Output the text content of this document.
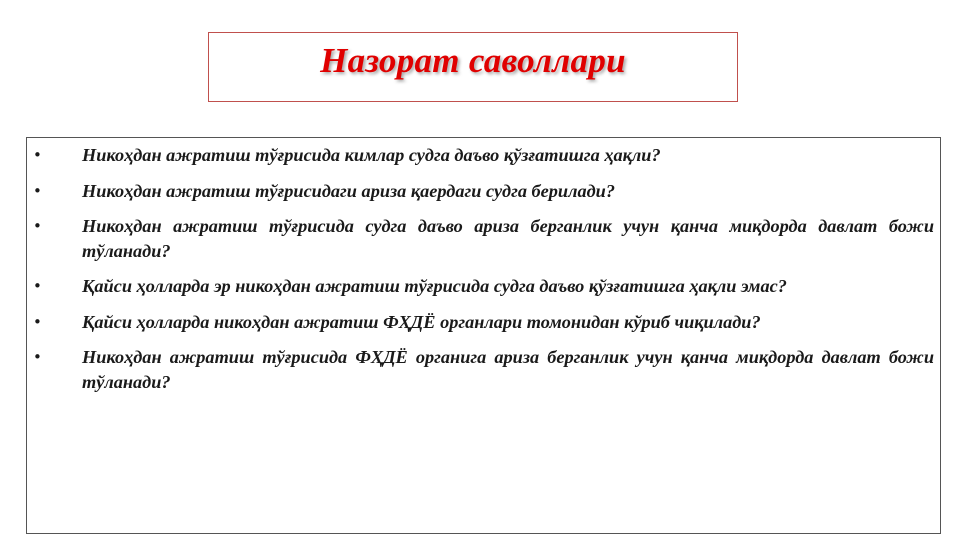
Назорат саволлари
• Никоҳдан ажратиш тўғрисида кимлар судга даъво қўзғатишга ҳақли?
• Никоҳдан ажратиш тўғрисидаги ариза қаердаги судга берилади?
• Никоҳдан ажратиш тўғрисида судга даъво ариза берганлик учун қанча миқдорда давлат божи тўланади?
• Қайси ҳолларда эр никоҳдан ажратиш тўғрисида судга даъво қўзғатишга ҳақли эмас?
• Қайси ҳолларда никоҳдан ажратиш ФҲДЁ органлари томонидан кўриб чиқилади?
• Никоҳдан ажратиш тўғрисида ФҲДЁ органига ариза берганлик учун қанча миқдорда давлат божи тўланади?
